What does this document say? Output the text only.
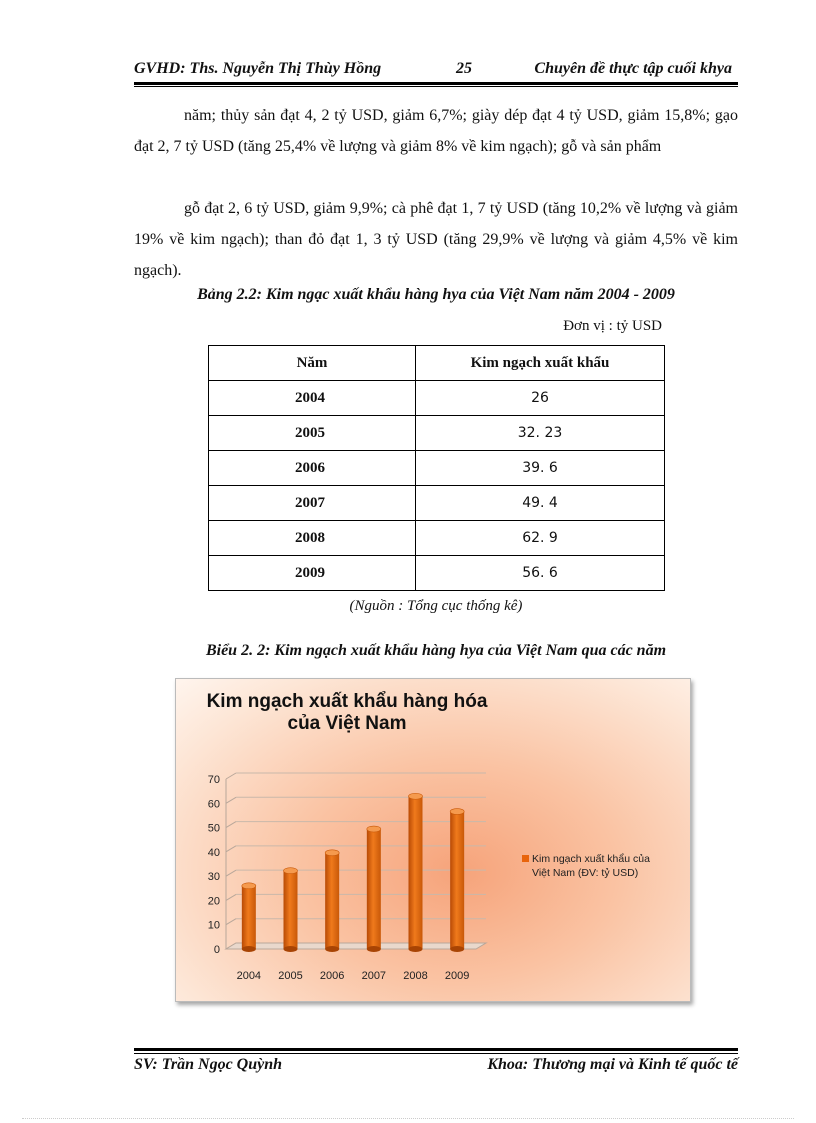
GVHD: Ths. Nguyễn Thị Thùy Hồng	25	Chuyên đề thực tập cuối khya
năm; thủy sản đạt 4, 2 tỷ USD, giảm 6,7%; giày dép đạt 4 tỷ USD, giảm 15,8%; gạo đạt 2, 7 tỷ USD (tăng 25,4% về lượng và giảm 8% về kim ngạch); gỗ và sản phẩm
gỗ đạt 2, 6 tỷ USD, giảm 9,9%; cà phê đạt 1, 7 tỷ USD (tăng 10,2% về lượng và giảm 19% về kim ngạch); than đỏ đạt 1, 3 tỷ USD (tăng 29,9% về lượng và giảm 4,5% về kim ngạch).
Bảng 2.2: Kim ngạc xuất khẩu hàng hya của Việt Nam năm 2004 - 2009
Đơn vị : tỷ USD
Năm	Kim ngạch xuất khẩu
2004	26
2005	32. 23
2006	39. 6
2007	49. 4
2008	62. 9
2009	56. 6
(Nguồn : Tổng cục thống kê)
Biểu 2. 2: Kim ngạch xuất khẩu hàng hya của Việt Nam qua các năm
Kim ngạch xuất khẩu hàng hóa
của Việt Nam
0
10
20
30
40
50
60
70
2004 2005 2006 2007 2008 2009
Kim ngạch xuất khẩu của
Việt Nam (ĐV: tỷ USD)
SV: Trần Ngọc Quỳnh	Khoa: Thương mại và Kinh tế quốc tế
